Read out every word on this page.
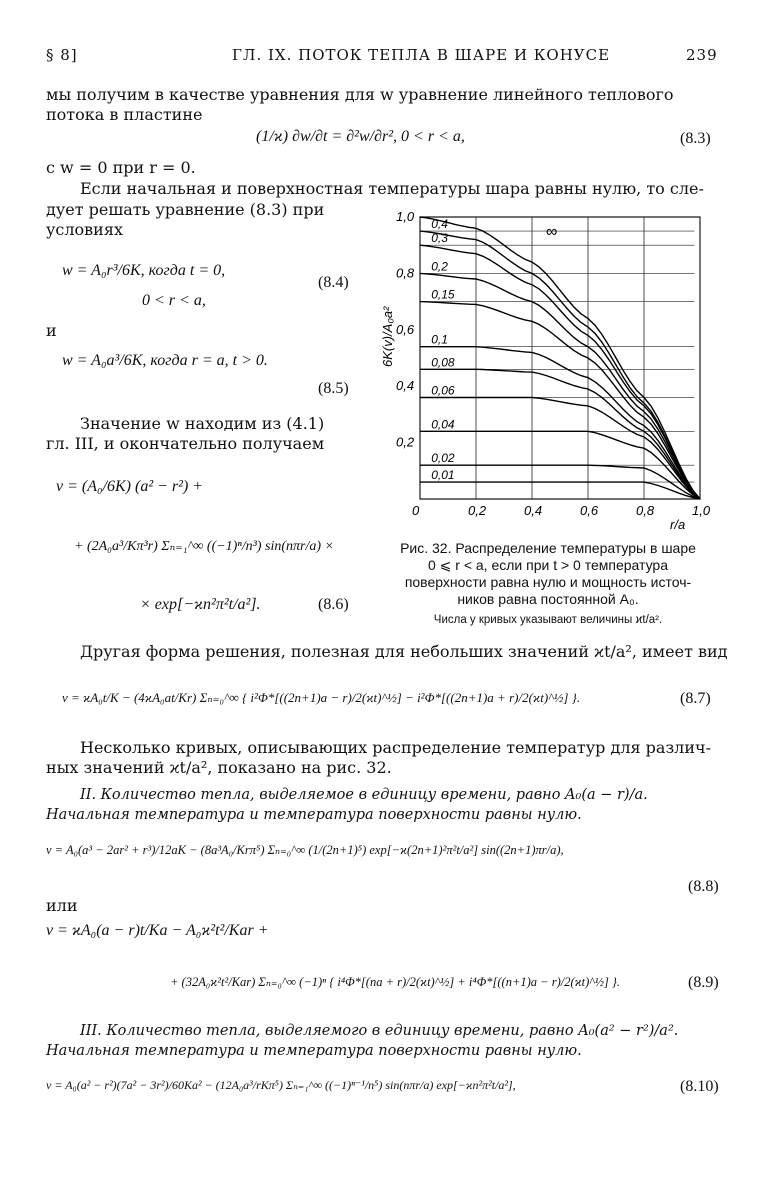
§ 8]	ГЛ. IX. ПОТОК ТЕПЛА В ШАРЕ И КОНУСЕ	239
мы получим в качестве уравнения для w уравнение линейного теплового
потока в пластине
(1/ϰ) ∂w/∂t = ∂²w/∂r², 0 < r < a,	(8.3)
с w = 0 при r = 0.
Если начальная и поверхностная температуры шара равны нулю, то сле-
дует решать уравнение (8.3) при
условиях
w = A₀r³/6K, когда t = 0,
0 < r < a,
(8.4)
и
w = A₀a³/6K, когда r = a, t > 0.
(8.5)
Значение w находим из (4.1)
гл. III, и окончательно получаем
v = (A₀/6K) (a² − r²) +
+ (2A₀a³/Kπ³r) Σₙ₌₁^∞ ((−1)ⁿ/n³) sin(nπr/a) ×
× exp[−ϰn²π²t/a²].	(8.6)
∞
0,4
0,3
0,2
0,15
0,1
0,08
0,06
0,04
0,02
0,01
0	0,2	0,4	0,6	0,8	1,0
0,2
0,4
0,6
0,8
1,0
6K(v)/A₀a²
r/a
Рис. 32. Распределение температуры в шаре
0 ⩽ r < a, если при t > 0 температура
поверхности равна нулю и мощность источ-
ников равна постоянной A₀.
Числа у кривых указывают величины ϰt/a².
Другая форма решения, полезная для небольших значений ϰt/a², имеет вид
v = ϰA₀t/K − (4ϰA₀at/Kr) Σₙ₌₀^∞ { i²Φ*[((2n+1)a − r)/2(ϰt)^½] − i²Φ*[((2n+1)a + r)/2(ϰt)^½] }.	(8.7)
Несколько кривых, описывающих распределение температур для различ-
ных значений ϰt/a², показано на рис. 32.
II. Количество тепла, выделяемое в единицу времени, равно A₀(a − r)/a.
Начальная температура и температура поверхности равны нулю.
v = A₀(a³ − 2ar² + r³)/12aK − (8a³A₀/Krπ⁵) Σₙ₌₀^∞ (1/(2n+1)⁵) exp[−ϰ(2n+1)²π²t/a²] sin((2n+1)πr/a),
(8.8)
или
v = ϰA₀(a − r)t/Ka − A₀ϰ²t²/Kar +
+ (32A₀ϰ²t²/Kar) Σₙ₌₀^∞ (−1)ⁿ { i⁴Φ*[(na + r)/2(ϰt)^½] + i⁴Φ*[((n+1)a − r)/2(ϰt)^½] }.	(8.9)
III. Количество тепла, выделяемого в единицу времени, равно A₀(a² − r²)/a².
Начальная температура и температура поверхности равны нулю.
v = A₀(a² − r²)(7a² − 3r²)/60Ka² − (12A₀a³/rKπ⁵) Σₙ₌₁^∞ ((−1)ⁿ⁻¹/n⁵) sin(nπr/a) exp[−ϰn²π²t/a²],	(8.10)
